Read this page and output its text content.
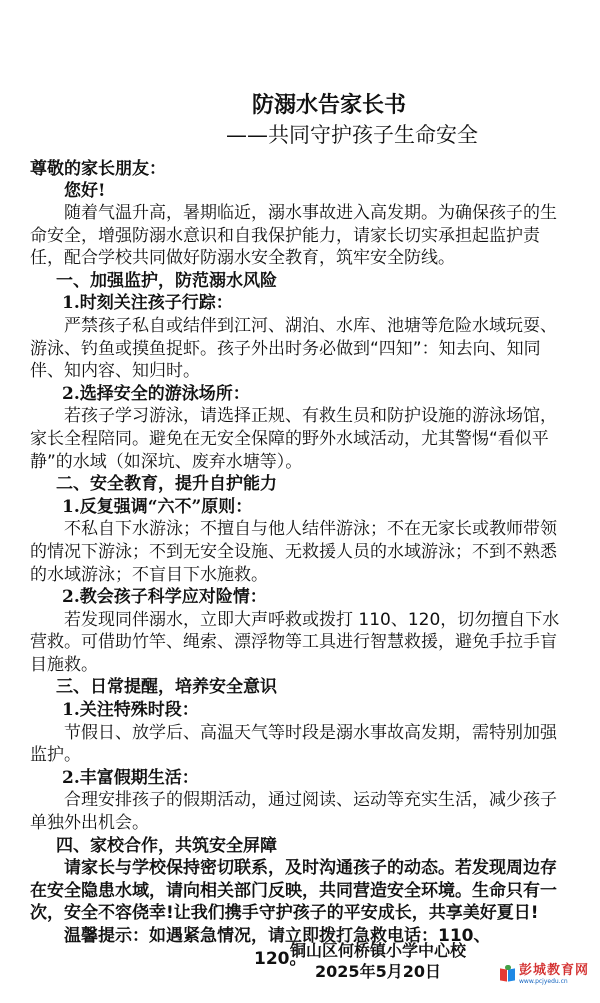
防溺水告家长书
——共同守护孩子生命安全

尊敬的家长朋友：

您好!

随着气温升高，暑期临近，溺水事故进入高发期。为确保孩子的生命安全，增强防溺水意识和自我保护能力，请家长切实承担起监护责任，配合学校共同做好防溺水安全教育，筑牢安全防线。

一、加强监护，防范溺水风险

1.时刻关注孩子行踪：

严禁孩子私自或结伴到江河、湖泊、水库、池塘等危险水域玩耍、游泳、钓鱼或摸鱼捉虾。孩子外出时务必做到“四知”：知去向、知同伴、知内容、知归时。

2.选择安全的游泳场所：

若孩子学习游泳，请选择正规、有救生员和防护设施的游泳场馆，家长全程陪同。避免在无安全保障的野外水域活动，尤其警惕“看似平静”的水域（如深坑、废弃水塘等）。

二、安全教育，提升自护能力

1.反复强调“六不”原则：

不私自下水游泳；不擅自与他人结伴游泳；不在无家长或教师带领的情况下游泳；不到无安全设施、无救援人员的水域游泳；不到不熟悉的水域游泳；不盲目下水施救。

2.教会孩子科学应对险情：

若发现同伴溺水，立即大声呼救或拨打 110、120，切勿擅自下水营救。可借助竹竿、绳索、漂浮物等工具进行智慧救援，避免手拉手盲目施救。

三、日常提醒，培养安全意识

1.关注特殊时段：

节假日、放学后、高温天气等时段是溺水事故高发期，需特别加强监护。

2.丰富假期生活：

合理安排孩子的假期活动，通过阅读、运动等充实生活，减少孩子单独外出机会。

四、家校合作，共筑安全屏障

请家长与学校保持密切联系，及时沟通孩子的动态。若发现周边存在安全隐患水域，请向相关部门反映，共同营造安全环境。生命只有一次，安全不容侥幸!让我们携手守护孩子的平安成长，共享美好夏日!

温馨提示：如遇紧急情况，请立即拨打急救电话：110、
120。

铜山区何桥镇小学中心校
2025年5月20日	彭城教育网
www.pcjyedu.cn
